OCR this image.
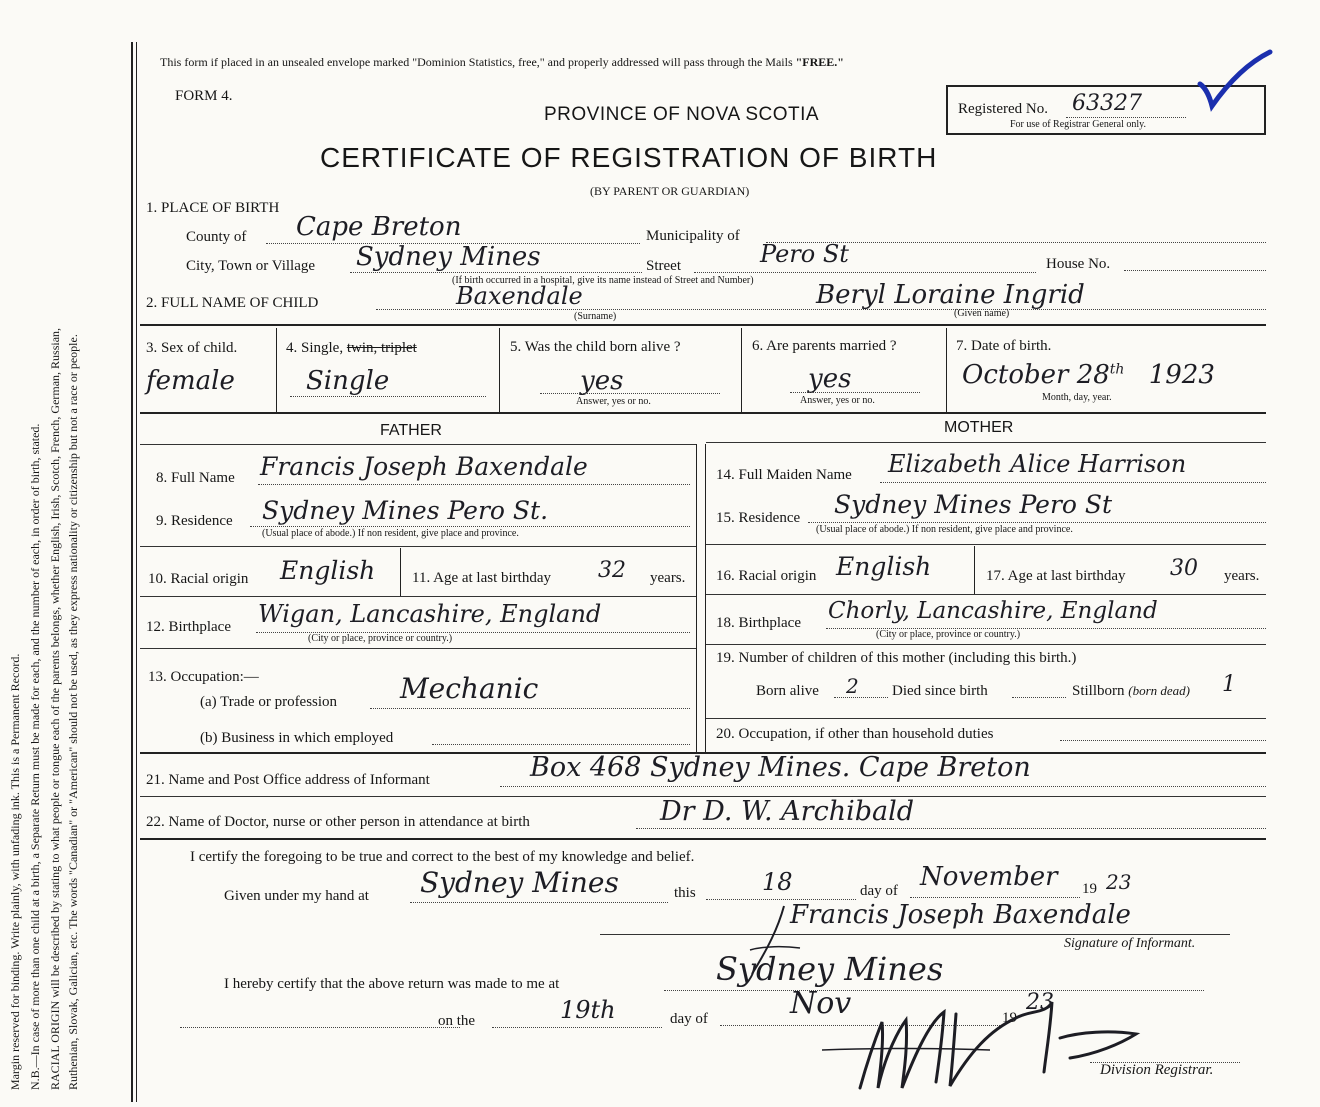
Margin reserved for binding. Write plainly, with unfading ink. This is a Permanent Record. N.B.—In case of more than one child at a birth, a Separate Return must be made for each, and the number of each, in order of birth, stated. RACIAL ORIGIN will be described by stating to what people or tongue each of the parents belongs, whether English, Irish, Scotch, French, German, Russian, Ruthenian, Slovak, Galician, etc. The words "Canadian" or "American" should not be used, as they express nationality or citizenship but not a race or people.
This form if placed in an unsealed envelope marked "Dominion Statistics, free," and properly addressed will pass through the Mails "FREE."
FORM 4.
PROVINCE OF NOVA SCOTIA
CERTIFICATE OF REGISTRATION OF BIRTH
(BY PARENT OR GUARDIAN)
Registered No. 63327
For use of Registrar General only.
1. PLACE OF BIRTH
County of Cape Breton	Municipality of
City, Town or Village Sydney Mines	Street	Pero St	House No.
(If birth occurred in a hospital, give its name instead of Street and Number)
2. FULL NAME OF CHILD	Baxendale
(Surname)
Beryl Loraine Ingrid
(Given name)
3. Sex of child.
female
4. Single, twin, triplet
Single
5. Was the child born alive ?
yes
Answer, yes or no.
6. Are parents married ?
yes
Answer, yes or no.
7. Date of birth.
October 28th 1923
Month, day, year.
FATHER	MOTHER
8. Full Name Francis Joseph Baxendale
9. Residence Sydney Mines Pero St.
(Usual place of abode.) If non resident, give place and province.
10. Racial origin English 11. Age at last birthday 32 years.
12. Birthplace Wigan, Lancashire, England
(City or place, province or country.)
13. Occupation:—
(a) Trade or profession Mechanic
(b) Business in which employed
14. Full Maiden Name Elizabeth Alice Harrison
15. Residence Sydney Mines Pero St
(Usual place of abode.) If non resident, give place and province.
16. Racial origin English	17. Age at last birthday 30 years.
18. Birthplace Chorly, Lancashire, England
(City or place, province or country.)
19. Number of children of this mother (including this birth.)
Born alive 2 Died since birth	Stillborn (born dead) 1
20. Occupation, if other than household duties
21. Name and Post Office address of Informant	Box 468 Sydney Mines. Cape Breton
22. Name of Doctor, nurse or other person in attendance at birth	Dr D. W. Archibald
I certify the foregoing to be true and correct to the best of my knowledge and belief.
Given under my hand at Sydney Mines	this	18	day of November 19 23
Francis Joseph Baxendale
Signature of Informant.
I hereby certify that the above return was made to me at	Sydney Mines
on the	19th	day of	Nov	19
23
Division Registrar.
